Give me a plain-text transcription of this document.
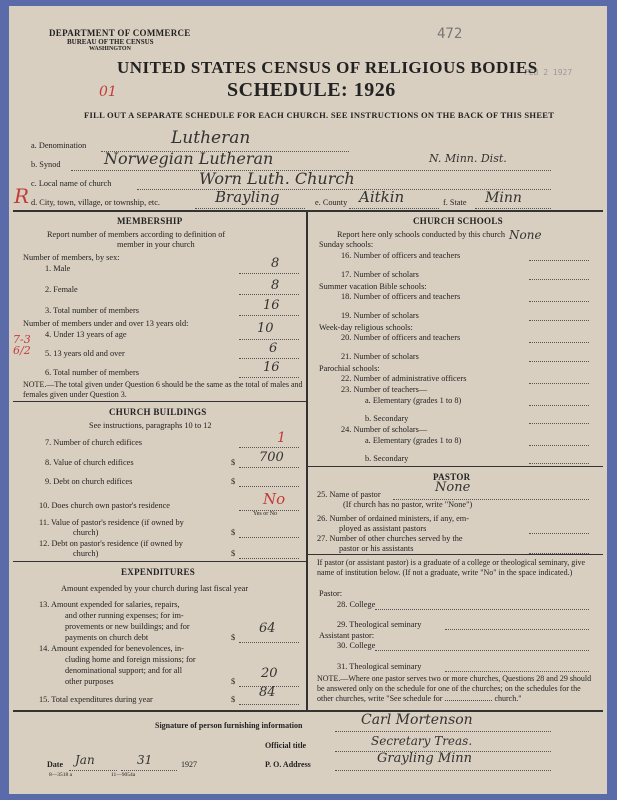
DEPARTMENT OF COMMERCE
BUREAU OF THE CENSUS
WASHINGTON
472
FEB 2 1927
01
UNITED STATES CENSUS OF RELIGIOUS BODIES
SCHEDULE: 1926
FILL OUT A SEPARATE SCHEDULE FOR EACH CHURCH. SEE INSTRUCTIONS ON THE BACK OF THIS SHEET
a. Denomination	Lutheran
b. Synod	Norwegian Lutheran	N. Minn. Dist.
c. Local name of church	Worn Luth. Church
R d. City, town, village, or township, etc.	Brayling	e. County Aitkin	f. State Minn
MEMBERSHIP
Report number of members according to definition of
member in your church
Number of members, by sex:
1. Male	8
2. Female	8
3. Total number of members	16
Number of members under and over 13 years old:
4. Under 13 years of age	10
7-3 6/2	5. 13 years old and over	6
6. Total number of members	16
NOTE.—The total given under Question 6 should be the same as the total of males and females given under Question 3.
CHURCH BUILDINGS
See instructions, paragraphs 10 to 12
7. Number of church edifices	1
8. Value of church edifices	$ 700
9. Debt on church edifices	$
10. Does church own pastor's residence	No
Yes or No
11. Value of pastor's residence (if owned by
church)	$
12. Debt on pastor's residence (if owned by
church)	$
EXPENDITURES
Amount expended by your church during last fiscal year
13. Amount expended for salaries, repairs,
and other running expenses; for im-
provements or new buildings; and for
payments on church debt	$
64
14. Amount expended for benevolences, in-
cluding home and foreign missions; for
denominational support; and for all
other purposes	$
20
15. Total expenditures during year	$ 84
CHURCH SCHOOLS
Report here only schools conducted by this church
Sunday schools:
None
16. Number of officers and teachers
17. Number of scholars
Summer vacation Bible schools:
18. Number of officers and teachers
19. Number of scholars
Week-day religious schools:
20. Number of officers and teachers
21. Number of scholars
Parochial schools:
22. Number of administrative officers
23. Number of teachers—
a. Elementary (grades 1 to 8)
b. Secondary
24. Number of scholars—
a. Elementary (grades 1 to 8)
b. Secondary
PASTOR
25. Name of pastor	None
(If church has no pastor, write "None")
26. Number of ordained ministers, if any, em-
ployed as assistant pastors
27. Number of other churches served by the
pastor or his assistants
If pastor (or assistant pastor) is a graduate of a college or theological seminary, give name of institution below. (If not a graduate, write "No" in the space indicated.)
Pastor:
28. College
29. Theological seminary
Assistant pastor:
30. College
31. Theological seminary
NOTE.—Where one pastor serves two or more churches, Questions 28 and 29 should be answered only on the schedule for one of the churches; on the schedules for the other churches, write "See schedule for ........................ church."
Signature of person furnishing information	Carl Mortenson
Official title	Secretary Treas.
Date Jan	31	1927
8—3518 a	11—9054a
P. O. Address	Grayling Minn
